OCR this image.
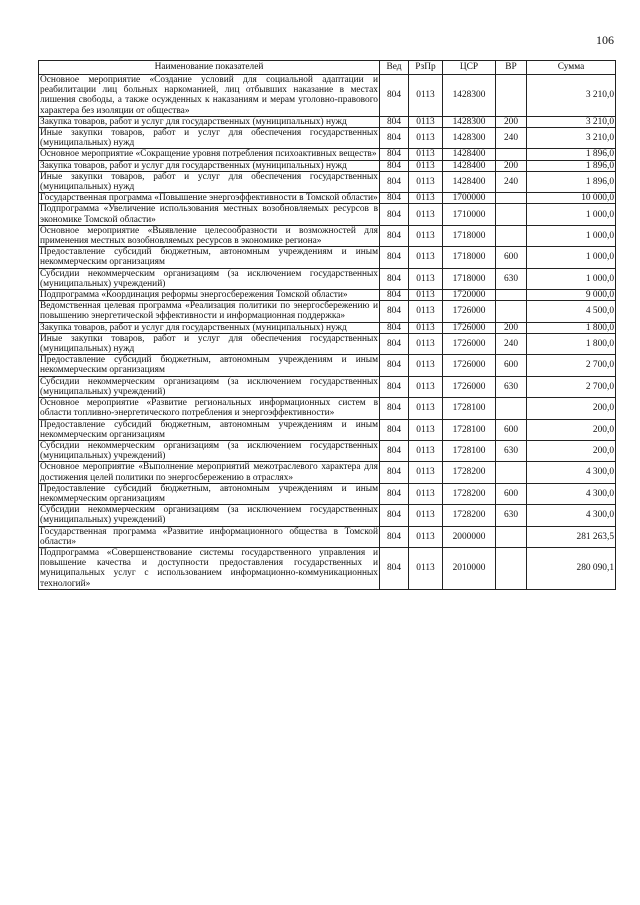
106
Наименование показателей	Вед	РзПр	ЦСР	ВР	Сумма
Основное мероприятие «Создание условий для социальной адаптации и реабилитации лиц больных наркоманией, лиц отбывших наказание в местах лишения свободы, а также осужденных к наказаниям и мерам уголовно-правового характера без изоляции от общества»	804	0113	1428300		3 210,0
Закупка товаров, работ и услуг для государственных (муниципальных) нужд	804	0113	1428300	200	3 210,0
Иные закупки товаров, работ и услуг для обеспечения государственных (муниципальных) нужд	804	0113	1428300	240	3 210,0
Основное мероприятие «Сокращение уровня потребления психоактивных веществ»	804	0113	1428400		1 896,0
Закупка товаров, работ и услуг для государственных (муниципальных) нужд	804	0113	1428400	200	1 896,0
Иные закупки товаров, работ и услуг для обеспечения государственных (муниципальных) нужд	804	0113	1428400	240	1 896,0
Государственная программа «Повышение энергоэффективности в Томской области»	804	0113	1700000		10 000,0
Подпрограмма «Увеличение использования местных возобновляемых ресурсов в экономике Томской области»	804	0113	1710000		1 000,0
Основное мероприятие «Выявление целесообразности и возможностей для применения местных возобновляемых ресурсов в экономике региона»	804	0113	1718000		1 000,0
Предоставление субсидий бюджетным, автономным учреждениям и иным некоммерческим организациям	804	0113	1718000	600	1 000,0
Субсидии некоммерческим организациям (за исключением государственных (муниципальных) учреждений)	804	0113	1718000	630	1 000,0
Подпрограмма «Координация реформы энергосбережения Томской области»	804	0113	1720000		9 000,0
Ведомственная целевая программа «Реализация политики по энергосбережению и повышению энергетической эффективности и информационная поддержка»	804	0113	1726000		4 500,0
Закупка товаров, работ и услуг для государственных (муниципальных) нужд	804	0113	1726000	200	1 800,0
Иные закупки товаров, работ и услуг для обеспечения государственных (муниципальных) нужд	804	0113	1726000	240	1 800,0
Предоставление субсидий бюджетным, автономным учреждениям и иным некоммерческим организациям	804	0113	1726000	600	2 700,0
Субсидии некоммерческим организациям (за исключением государственных (муниципальных) учреждений)	804	0113	1726000	630	2 700,0
Основное мероприятие «Развитие региональных информационных систем в области топливно-энергетического потребления и энергоэффективности»	804	0113	1728100		200,0
Предоставление субсидий бюджетным, автономным учреждениям и иным некоммерческим организациям	804	0113	1728100	600	200,0
Субсидии некоммерческим организациям (за исключением государственных (муниципальных) учреждений)	804	0113	1728100	630	200,0
Основное мероприятие «Выполнение мероприятий межотраслевого характера для достижения целей политики по энергосбережению в отраслях»	804	0113	1728200		4 300,0
Предоставление субсидий бюджетным, автономным учреждениям и иным некоммерческим организациям	804	0113	1728200	600	4 300,0
Субсидии некоммерческим организациям (за исключением государственных (муниципальных) учреждений)	804	0113	1728200	630	4 300,0
Государственная программа «Развитие информационного общества в Томской области»	804	0113	2000000		281 263,5
Подпрограмма «Совершенствование системы государственного управления и повышение качества и доступности предоставления государственных и муниципальных услуг с использованием информационно-коммуникационных технологий»	804	0113	2010000		280 090,1
